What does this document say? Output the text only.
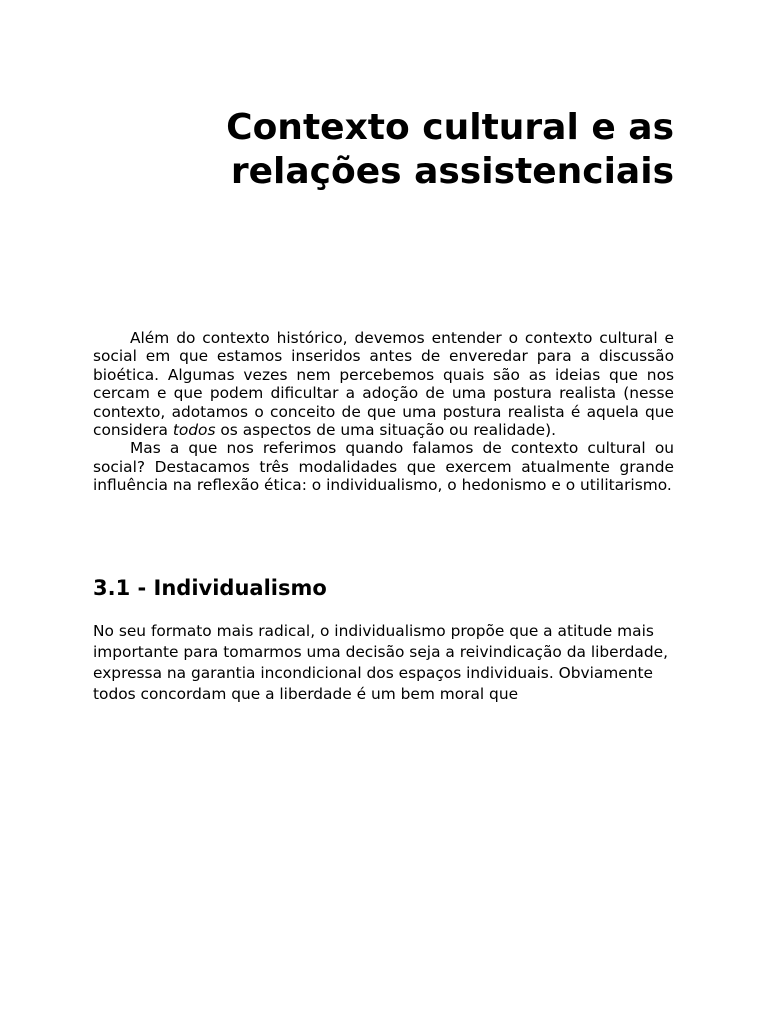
Contexto cultural e as
relações assistenciais

Além do contexto histórico, devemos entender o contexto cultural e social em que estamos inseridos antes de enveredar para a discussão bioética. Algumas vezes nem percebemos quais são as ideias que nos cercam e que podem dificultar a adoção de uma postura realista (nesse contexto, adotamos o conceito de que uma postura realista é aquela que considera todos os aspectos de uma situação ou realidade).

Mas a que nos referimos quando falamos de contexto cultural ou social? Destacamos três modalidades que exercem atualmente grande influência na reflexão ética: o individualismo, o hedonismo e o utilitarismo.

3.1 - Individualismo

No seu formato mais radical, o individualismo propõe que a atitude mais importante para tomarmos uma decisão seja a reivindicação da liberdade, expressa na garantia incondicional dos espaços individuais. Obviamente todos concordam que a liberdade é um bem moral que
